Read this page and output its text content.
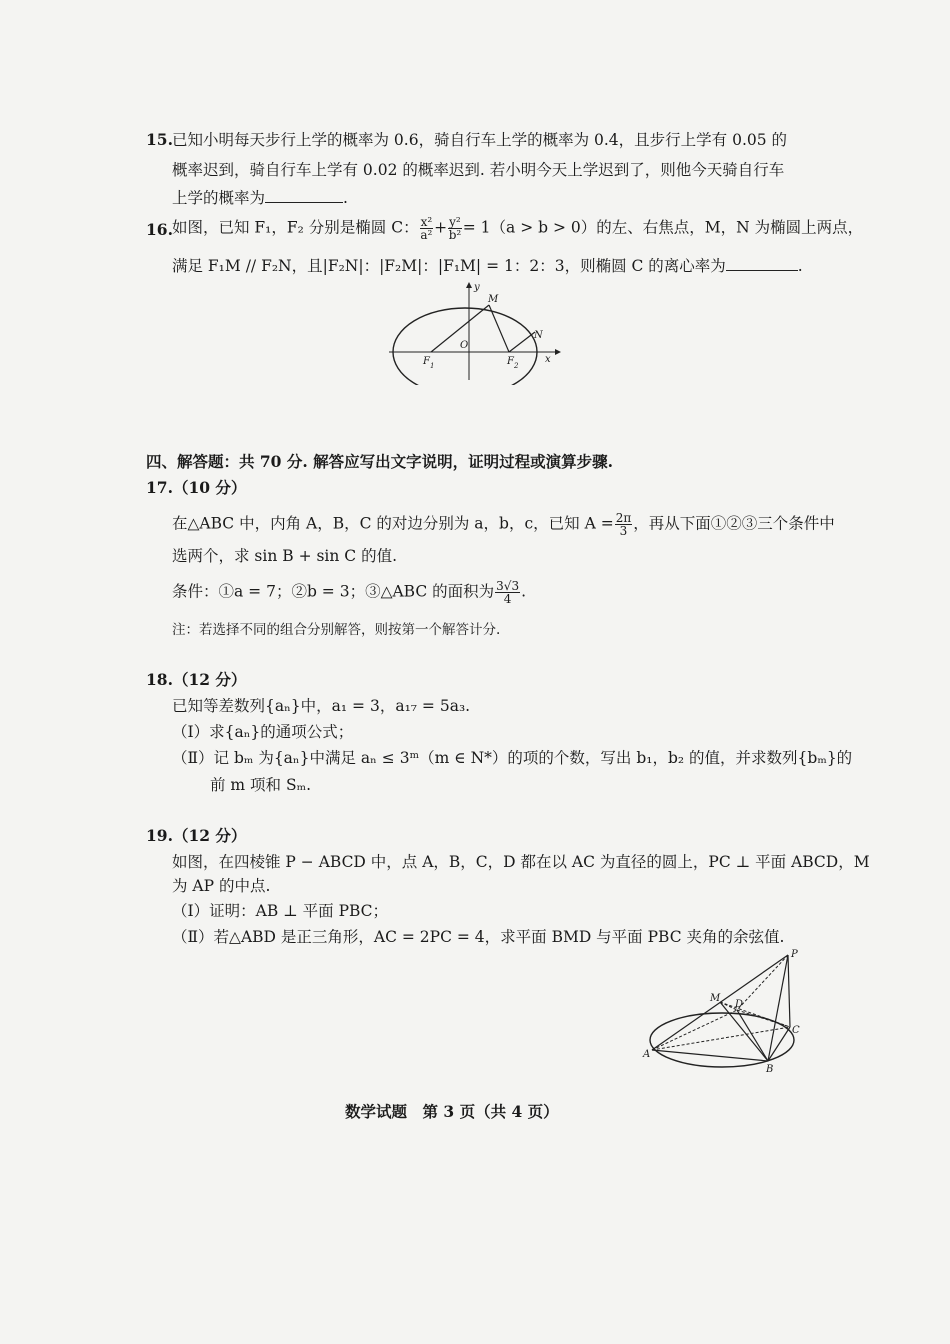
15. 已知小明每天步行上学的概率为 0.6，骑自行车上学的概率为 0.4，且步行上学有 0.05 的
概率迟到，骑自行车上学有 0.02 的概率迟到. 若小明今天上学迟到了，则他今天骑自行车
上学的概率为	.
16. 如图，已知 F₁，F₂ 分别是椭圆 C： $\frac{\text{x²}}{\text{a²}} + \frac{\text{y²}}{\text{b²}} = 1(a > b > 0)$的左、右焦点，M，N 为椭圆上两点，
满足 F₁M // F₂N，且|F₂N|：|F₂M|：|F₁M| = 1：2：3，则椭圆 C 的离心率为	.
y
x
O
M
N
F 1	F 2
四、解答题：共 70 分. 解答应写出文字说明，证明过程或演算步骤.
17.（10 分）
在△ABC 中，内角 A，B，C 的对边分别为 a，b，c，已知 $A = \frac{2\pi}{3}$ ，再从下面①②③三个条件中
选两个，求 sin B + sin C 的值.
条件：①a = 7；②b = 3；③△ABC 的面积为 $\frac{3√3}{4}$ .
注：若选择不同的组合分别解答，则按第一个解答计分.
18.（12 分）
已知等差数列{aₙ}中，a₁ = 3，a₁₇ = 5a₃.
（Ⅰ）求{aₙ}的通项公式；
（Ⅱ）记 bₘ 为{aₙ}中满足 aₙ ≤ 3ᵐ（m ∈ N*）的项的个数，写出 b₁，b₂ 的值，并求数列{bₘ}的
前 m 项和 Sₘ.
19.（12 分）
如图，在四棱锥 P − ABCD 中，点 A，B，C，D 都在以 AC 为直径的圆上，PC ⊥ 平面 ABCD，M
为 AP 的中点.
（Ⅰ）证明：AB ⊥ 平面 PBC；
（Ⅱ）若△ABD 是正三角形，AC = 2PC = 4，求平面 BMD 与平面 PBC 夹角的余弦值.
P
M
D
C
A
B
数学试题　第 3 页（共 4 页）
